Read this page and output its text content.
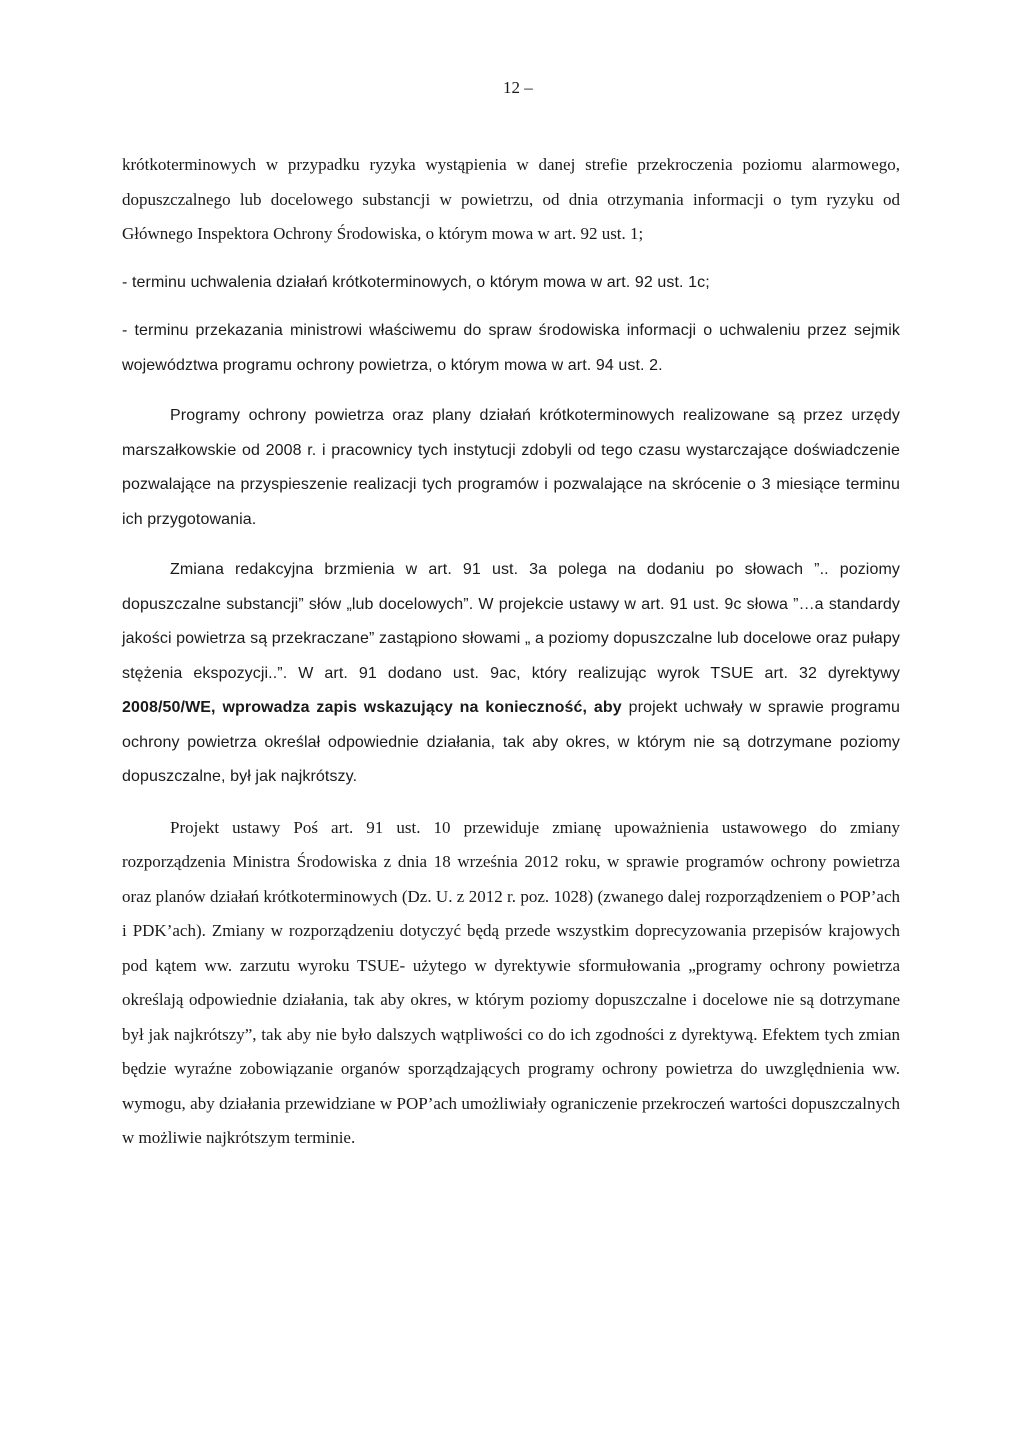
12 –

krótkoterminowych w przypadku ryzyka wystąpienia w danej strefie przekroczenia poziomu alarmowego, dopuszczalnego lub docelowego substancji w powietrzu, od dnia otrzymania informacji o tym ryzyku od Głównego Inspektora Ochrony Środowiska, o którym mowa w art. 92 ust. 1;

- terminu uchwalenia działań krótkoterminowych, o którym mowa w art. 92 ust. 1c;

- terminu przekazania ministrowi właściwemu do spraw środowiska informacji o uchwaleniu przez sejmik województwa programu ochrony powietrza, o którym mowa w art. 94 ust. 2.

Programy ochrony powietrza oraz plany działań krótkoterminowych realizowane są przez urzędy marszałkowskie od 2008 r. i pracownicy tych instytucji zdobyli od tego czasu wystarczające doświadczenie pozwalające na przyspieszenie realizacji tych programów i pozwalające na skrócenie o 3 miesiące terminu ich przygotowania.

Zmiana redakcyjna brzmienia w art. 91 ust. 3a polega na dodaniu po słowach ”.. poziomy dopuszczalne substancji” słów „lub docelowych”. W projekcie ustawy w art. 91 ust. 9c słowa ”…a standardy jakości powietrza są przekraczane” zastąpiono słowami „ a poziomy dopuszczalne lub docelowe oraz pułapy stężenia ekspozycji..”. W art. 91 dodano ust. 9ac, który realizując wyrok TSUE art. 32 dyrektywy 2008/50/WE, wprowadza zapis wskazujący na konieczność, aby projekt uchwały w sprawie programu ochrony powietrza określał odpowiednie działania, tak aby okres, w którym nie są dotrzymane poziomy dopuszczalne, był jak najkrótszy.

Projekt ustawy Poś art. 91 ust. 10 przewiduje zmianę upoważnienia ustawowego do zmiany rozporządzenia Ministra Środowiska z dnia 18 września 2012 roku, w sprawie programów ochrony powietrza oraz planów działań krótkoterminowych (Dz. U. z 2012 r. poz. 1028) (zwanego dalej rozporządzeniem o POP’ach i PDK’ach). Zmiany w rozporządzeniu dotyczyć będą przede wszystkim doprecyzowania przepisów krajowych pod kątem ww. zarzutu wyroku TSUE- użytego w dyrektywie sformułowania „programy ochrony powietrza określają odpowiednie działania, tak aby okres, w którym poziomy dopuszczalne i docelowe nie są dotrzymane był jak najkrótszy”, tak aby nie było dalszych wątpliwości co do ich zgodności z dyrektywą. Efektem tych zmian będzie wyraźne zobowiązanie organów sporządzających programy ochrony powietrza do uwzględnienia ww. wymogu, aby działania przewidziane w POP’ach umożliwiały ograniczenie przekroczeń wartości dopuszczalnych w możliwie najkrótszym terminie.
